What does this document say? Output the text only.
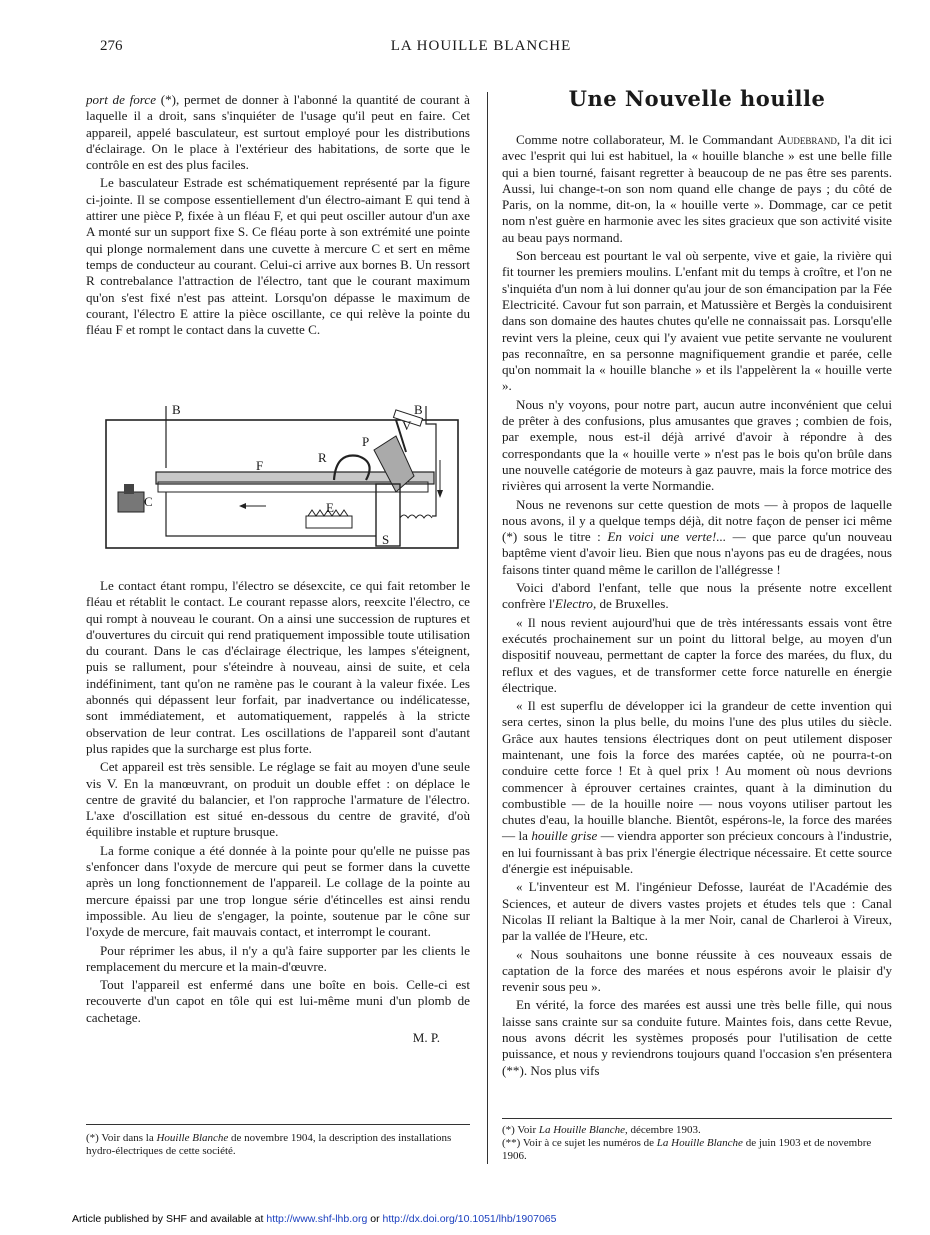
276	LA HOUILLE BLANCHE

port de force (*), permet de donner à l'abonné la quantité de courant à laquelle il a droit, sans s'inquiéter de l'usage qu'il peut en faire. Cet appareil, appelé basculateur, est surtout employé pour les distributions d'éclairage. On le place à l'extérieur des habitations, de sorte que le contrôle en est des plus faciles.

Le basculateur Estrade est schématiquement représenté par la figure ci-jointe. Il se compose essentiellement d'un électro-aimant E qui tend à attirer une pièce P, fixée à un fléau F, et qui peut osciller autour d'un axe A monté sur un support fixe S. Ce fléau porte à son extrémité une pointe qui plonge normalement dans une cuvette à mercure C et sert en même temps de conducteur au courant. Celui-ci arrive aux bornes B. Un ressort R contrebalance l'attraction de l'électro, tant que le courant maximum qu'on s'est fixé n'est pas atteint. Lorsqu'on dépasse le maximum de courant, l'électro E attire la pièce oscillante, ce qui relève la pointe du fléau F et rompt le contact dans la cuvette C.

B	B
V
P
R
F
C	E
S

Le contact étant rompu, l'électro se désexcite, ce qui fait retomber le fléau et rétablit le contact. Le courant repasse alors, reexcite l'électro, ce qui rompt à nouveau le courant. On a ainsi une succession de ruptures et d'ouvertures du circuit qui rend pratiquement impossible toute utilisation du courant. Dans le cas d'éclairage électrique, les lampes s'éteignent, puis se rallument, pour s'éteindre à nouveau, ainsi de suite, et cela indéfiniment, tant qu'on ne ramène pas le courant à la valeur fixée. Les abonnés qui dépassent leur forfait, par inadvertance ou indélicatesse, sont immédiatement, et automatiquement, rappelés à la stricte observation de leur contrat. Les oscillations de l'appareil sont d'autant plus rapides que la surcharge est plus forte.

Cet appareil est très sensible. Le réglage se fait au moyen d'une seule vis V. En la manœuvrant, on produit un double effet : on déplace le centre de gravité du balancier, et l'on rapproche l'armature de l'électro. L'axe d'oscillation est situé en-dessous du centre de gravité, d'où équilibre instable et rupture brusque.

La forme conique a été donnée à la pointe pour qu'elle ne puisse pas s'enfoncer dans l'oxyde de mercure qui peut se former dans la cuvette après un long fonctionnement de l'appareil. Le collage de la pointe au mercure épaissi par une trop longue série d'étincelles est ainsi rendu impossible. Au lieu de s'engager, la pointe, soutenue par le cône sur l'oxyde de mercure, fait mauvais contact, et interrompt le courant.

Pour réprimer les abus, il n'y a qu'à faire supporter par les clients le remplacement du mercure et la main-d'œuvre.

Tout l'appareil est enfermé dans une boîte en bois. Celle-ci est recouverte d'un capot en tôle qui est lui-même muni d'un plomb de cachetage.

M. P.

(*) Voir dans la Houille Blanche de novembre 1904, la description des installations hydro-électriques de cette société.
Une Nouvelle houille

Comme notre collaborateur, M. le Commandant Audebrand, l'a dit ici avec l'esprit qui lui est habituel, la « houille blanche » est une belle fille qui a bien tourné, faisant regretter à beaucoup de ne pas être ses parents. Aussi, lui change-t-on son nom quand elle change de pays ; du côté de Paris, on la nomme, dit-on, la « houille verte ». Dommage, car ce petit nom n'est guère en harmonie avec les sites gracieux que son activité visite au beau pays normand.

Son berceau est pourtant le val où serpente, vive et gaie, la rivière qui fit tourner les premiers moulins. L'enfant mit du temps à croître, et l'on ne s'inquiéta d'un nom à lui donner qu'au jour de son émancipation par la Fée Electricité. Cavour fut son parrain, et Matussière et Bergès la conduisirent dans son domaine des hautes chutes qu'elle ne connaissait pas. Lorsqu'elle revint vers la pleine, ceux qui l'y avaient vue petite servante ne voulurent pas reconnaître, en sa personne magnifiquement grandie et parée, celle qu'on nommait la « houille blanche » et ils l'appelèrent la « houille verte ».

Nous n'y voyons, pour notre part, aucun autre inconvénient que celui de prêter à des confusions, plus amusantes que graves ; combien de fois, par exemple, nous est-il déjà arrivé d'avoir à répondre à des correspondants que la « houille verte » n'est pas le bois qu'on brûle dans une nouvelle catégorie de moteurs à gaz pauvre, mais la force motrice des rivières qui arrosent la verte Normandie.

Nous ne revenons sur cette question de mots — à propos de laquelle nous avons, il y a quelque temps déjà, dit notre façon de penser ici même (*) sous le titre : En voici une verte!... — que parce qu'un nouveau baptême vient d'avoir lieu. Bien que nous n'ayons pas eu de dragées, nous faisons tinter quand même le carillon de l'allégresse !

Voici d'abord l'enfant, telle que nous la présente notre excellent confrère l'Electro, de Bruxelles.

« Il nous revient aujourd'hui que de très intéressants essais vont être exécutés prochainement sur un point du littoral belge, au moyen d'un dispositif nouveau, permettant de capter la force des marées, du flux, du reflux et des vagues, et de transformer cette force naturelle en énergie électrique.

« Il est superflu de développer ici la grandeur de cette invention qui sera certes, sinon la plus belle, du moins l'une des plus utiles du siècle. Grâce aux hautes tensions électriques dont on peut utilement disposer maintenant, une fois la force des marées captée, où ne pourra-t-on conduire cette force ! Et à quel prix ! Au moment où nous devrions commencer à éprouver certaines craintes, quant à la diminution du combustible — de la houille noire — nous voyons utiliser partout les chutes d'eau, la houille blanche. Bientôt, espérons-le, la force des marées — la houille grise — viendra apporter son précieux concours à l'industrie, en lui fournissant à bas prix l'énergie électrique nécessaire. Et cette source d'énergie est inépuisable.

« L'inventeur est M. l'ingénieur Defosse, lauréat de l'Académie des Sciences, et auteur de divers vastes projets et études tels que : Canal Nicolas II reliant la Baltique à la mer Noir, canal de Charleroi à Vireux, par la vallée de l'Heure, etc.

« Nous souhaitons une bonne réussite à ces nouveaux essais de captation de la force des marées et nous espérons avoir le plaisir d'y revenir sous peu ».

En vérité, la force des marées est aussi une très belle fille, qui nous laisse sans crainte sur sa conduite future. Maintes fois, dans cette Revue, nous avons décrit les systèmes proposés pour l'utilisation de cette puissance, et nous y reviendrons toujours quand l'occasion s'en présentera (**). Nos plus vifs

(*) Voir La Houille Blanche, décembre 1903.
(**) Voir à ce sujet les numéros de La Houille Blanche de juin 1903 et de novembre 1906.
Article published by SHF and available at http://www.shf-lhb.org or http://dx.doi.org/10.1051/lhb/1907065
